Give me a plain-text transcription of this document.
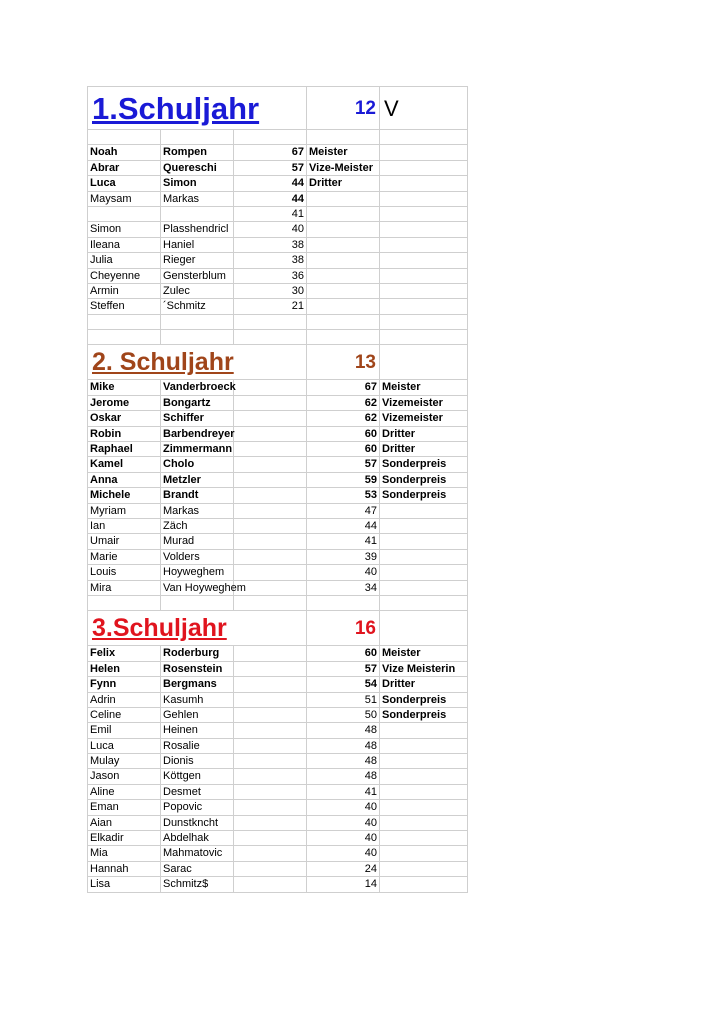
1.Schuljahr	12 V
Noah	Rompen	67 Meister
Abrar	Quereschi	57 Vize-Meister
Luca	Simon	44 Dritter
Maysam	Markas	44
41
Simon	Plasshendricl	40
Ileana	Haniel	38
Julia	Rieger	38
Cheyenne	Gensterblum	36
Armin	Zulec	30
Steffen	´Schmitz	21
2. Schuljahr	13
Mike	Vanderbroeck	67 Meister
Jerome	Bongartz	62 Vizemeister
Oskar	Schiffer	62 Vizemeister
Robin	Barbendreyer	60 Dritter
Raphael	Zimmermann	60 Dritter
Kamel	Cholo	57 Sonderpreis
Anna	Metzler	59 Sonderpreis
Michele	Brandt	53 Sonderpreis
Myriam	Markas	47
Ian	Zäch	44
Umair	Murad	41
Marie	Volders	39
Louis	Hoyweghem	40
Mira	Van Hoyweghem	34
3.Schuljahr	16
Felix	Roderburg	60 Meister
Helen	Rosenstein	57 Vize Meisterin
Fynn	Bergmans	54 Dritter
Adrin	Kasumh	51 Sonderpreis
Celine	Gehlen	50 Sonderpreis
Emil	Heinen	48
Luca	Rosalie	48
Mulay	Dionis	48
Jason	Köttgen	48
Aline	Desmet	41
Eman	Popovic	40
Aian	Dunstkncht	40
Elkadir	Abdelhak	40
Mia	Mahmatovic	40
Hannah	Sarac	24
Lisa	Schmitz$	14
